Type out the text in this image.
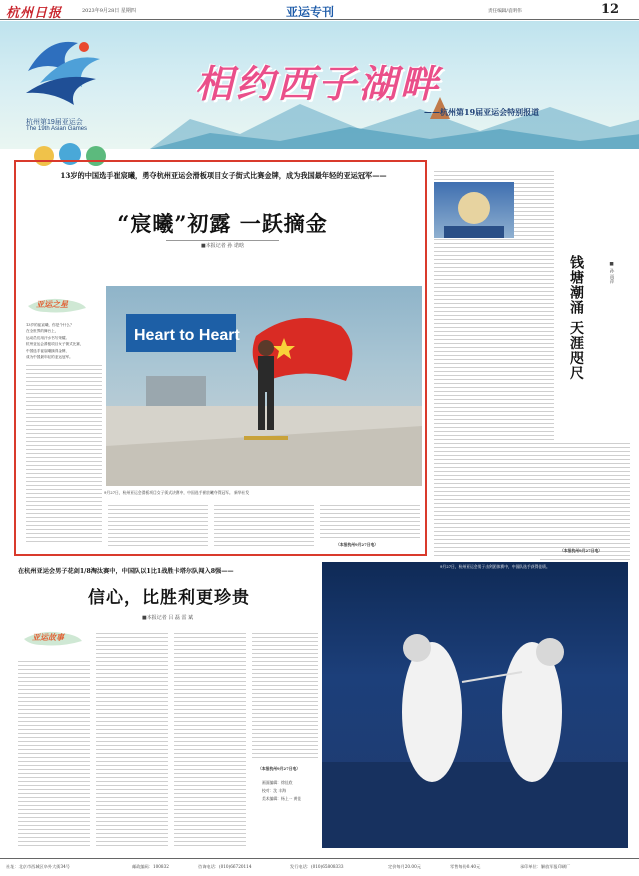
杭州日报	2023年9月28日 星期四	亚运专刊	责任编辑/袁明伟	12
杭州第19届亚运会
The 19th Asian Games
相约西子湖畔
——杭州第19届亚运会特别报道
13岁的中国选手崔宸曦，勇夺杭州亚运会滑板项目女子街式比赛金牌，成为我国最年轻的亚运冠军——
“宸曦”初露 一跃摘金
■本报记者 孙 诺晗
亚运之星
Heart to Heart
9月27日，杭州亚运会滑板项目女子街式决赛中，中国选手崔宸曦夺得冠军。 新华社发
13岁的崔宸曦，你是个什么？
在全世界的舞台上，
运动员们用汗水书写荣耀。
杭州亚运会滑板项目女子街式比赛，
中国选手崔宸曦摘得金牌，
成为中国最年轻的亚运冠军。
（本报杭州9月27日电）
（本报杭州9月27日电）
钱塘潮涌 天涯咫尺	■ 孙 雨萍
9月27日，杭州亚运会男子击剑团体赛中，中国队选手获得佳绩。
在杭州亚运会男子花剑1/8淘汰赛中，中国队以1比1战胜卡塔尔队闯入8强——
信心，比胜利更珍贵
■本报记者 吕 磊 雷 斌
亚运故事
（本报杭州9月27日电）
画面编辑：徐佳欣
校对：沈 丰海
美术编辑：杨上一 黄佳
社址：北京市西城区阜外大街34号	邮政编码：100832	咨询电话：(010)66720114	发行电话：(010)65808333	定价每月20.00元	零售每份0.40元	承印单位：解放军报印刷厂
